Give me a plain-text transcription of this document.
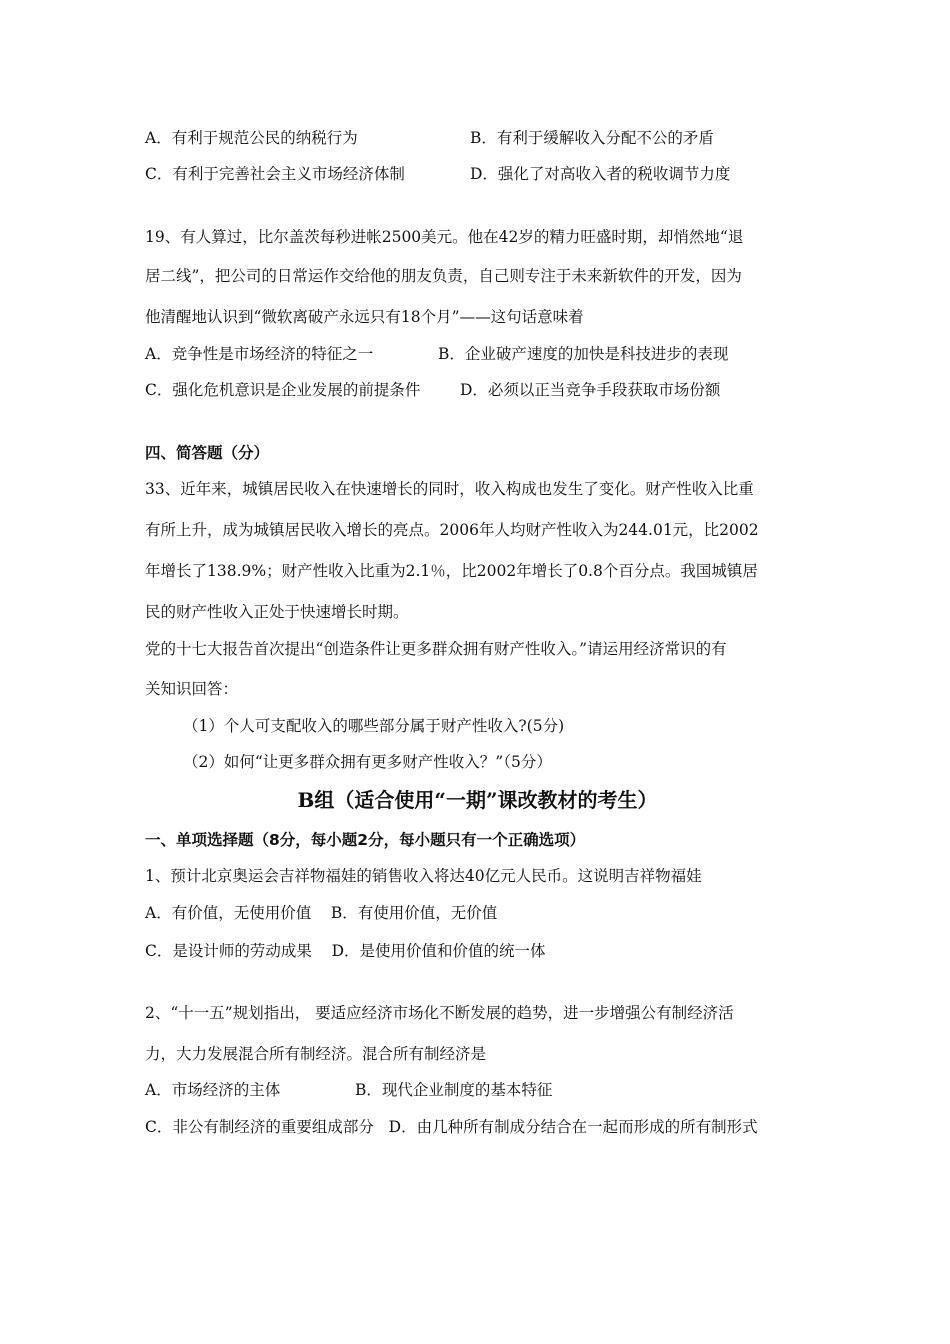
A．有利于规范公民的纳税行为	B．有利于缓解收入分配不公的矛盾
C．有利于完善社会主义市场经济体制	D．强化了对高收入者的税收调节力度
19、有人算过，比尔盖茨每秒进帐2500美元。他在42岁的精力旺盛时期，却悄然地“退
居二线”，把公司的日常运作交给他的朋友负责，自己则专注于未来新软件的开发，因为
他清醒地认识到“微软离破产永远只有18个月”——这句话意味着
A．竞争性是市场经济的特征之一	B．企业破产速度的加快是科技进步的表现
C．强化危机意识是企业发展的前提条件	D．必须以正当竞争手段获取市场份额
四、简答题（分）
33、近年来，城镇居民收入在快速增长的同时，收入构成也发生了变化。财产性收入比重
有所上升，成为城镇居民收入增长的亮点。2006年人均财产性收入为244.01元，比2002
年增长了138.9%；财产性收入比重为2.1％，比2002年增长了0.8个百分点。我国城镇居
民的财产性收入正处于快速增长时期。
党的十七大报告首次提出“创造条件让更多群众拥有财产性收入。”请运用经济常识的有
关知识回答：
（1）个人可支配收入的哪些部分属于财产性收入?(5分)
（2）如何“让更多群众拥有更多财产性收入？”（5分）
B组（适合使用“一期”课改教材的考生）
一、单项选择题（8分，每小题2分，每小题只有一个正确选项）
1、预计北京奥运会吉祥物福娃的销售收入将达40亿元人民币。这说明吉祥物福娃
A．有价值，无使用价值    B．有使用价值，无价值
C．是设计师的劳动成果    D．是使用价值和价值的统一体
2、“十一五”规划指出， 要适应经济市场化不断发展的趋势，进一步增强公有制经济活
力，大力发展混合所有制经济。混合所有制经济是
A．市场经济的主体	B．现代企业制度的基本特征
C．非公有制经济的重要组成部分   D．由几种所有制成分结合在一起而形成的所有制形式
